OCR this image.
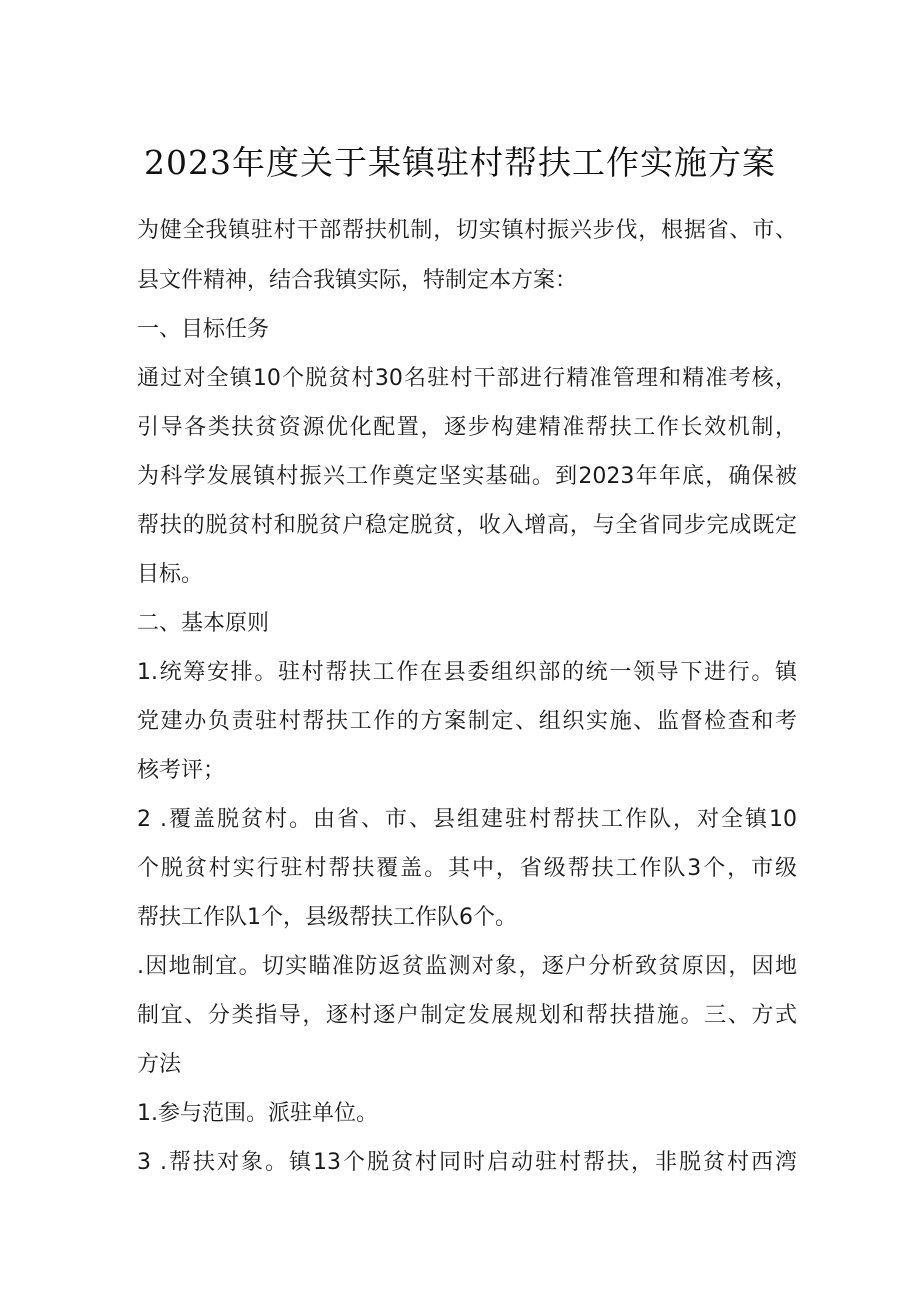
2023年度关于某镇驻村帮扶工作实施方案
为健全我镇驻村干部帮扶机制，切实镇村振兴步伐，根据省、市、
县文件精神，结合我镇实际，特制定本方案：
一、目标任务
通过对全镇10个脱贫村30名驻村干部进行精准管理和精准考核，
引导各类扶贫资源优化配置，逐步构建精准帮扶工作长效机制，
为科学发展镇村振兴工作奠定坚实基础。到2023年年底，确保被
帮扶的脱贫村和脱贫户稳定脱贫，收入增高，与全省同步完成既定
目标。
二、基本原则
1.统筹安排。驻村帮扶工作在县委组织部的统一领导下进行。镇
党建办负责驻村帮扶工作的方案制定、组织实施、监督检查和考
核考评；
2 .覆盖脱贫村。由省、市、县组建驻村帮扶工作队，对全镇10
个脱贫村实行驻村帮扶覆盖。其中，省级帮扶工作队3个，市级
帮扶工作队1个，县级帮扶工作队6个。
.因地制宜。切实瞄准防返贫监测对象，逐户分析致贫原因，因地
制宜、分类指导，逐村逐户制定发展规划和帮扶措施。三、方式
方法
1.参与范围。派驻单位。
3 .帮扶对象。镇13个脱贫村同时启动驻村帮扶，非脱贫村西湾
